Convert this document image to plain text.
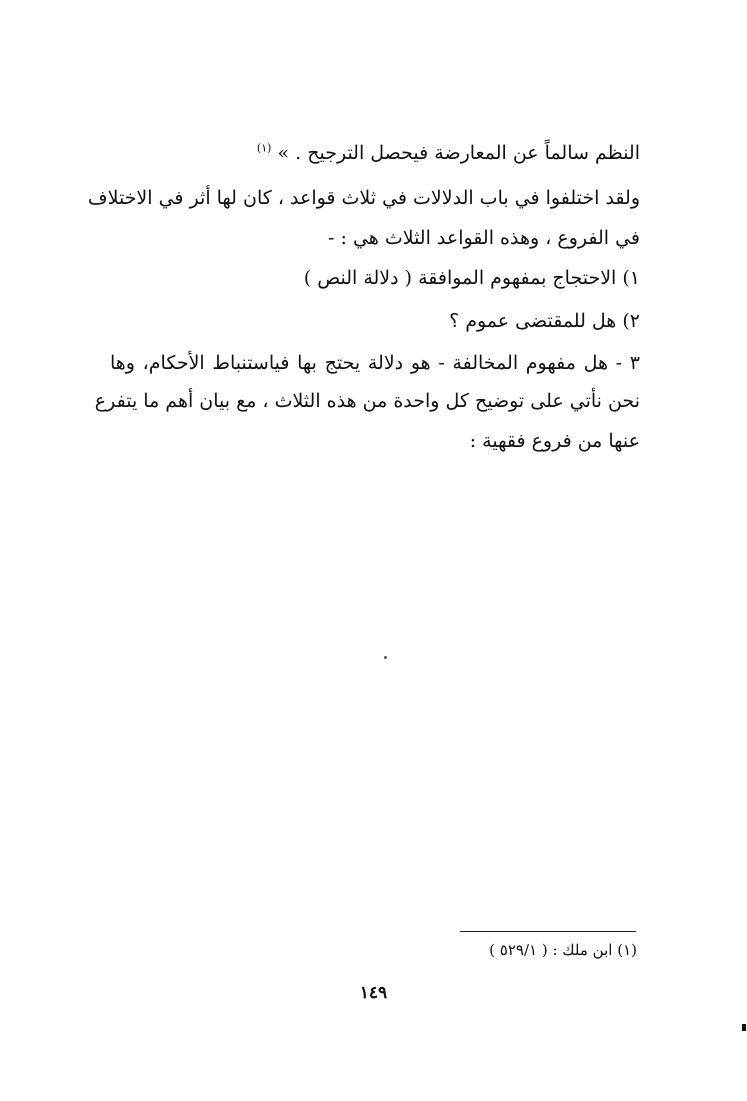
النظم سالماً عن المعارضة فيحصل الترجيح . » $^{(١)}$
ولقد اختلفوا في باب الدلالات في ثلاث قواعد ، كان لها أثر في الاختلاف
في الفروع ، وهذه القواعد الثلاث هي : -
١) الاحتجاج بمفهوم الموافقة ( دلالة النص )
٢) هل للمقتضى عموم ؟
٣ - هل مفهوم المخالفة - هو دلالة يحتج بها فياستنباط الأحكام، وها
نحن نأتي على توضيح كل واحدة من هذه الثلاث ، مع بيان أهم ما يتفرع
عنها من فروع فقهية :
(١) ابن ملك : ( ٥٢٩/١ )
١٤٩
